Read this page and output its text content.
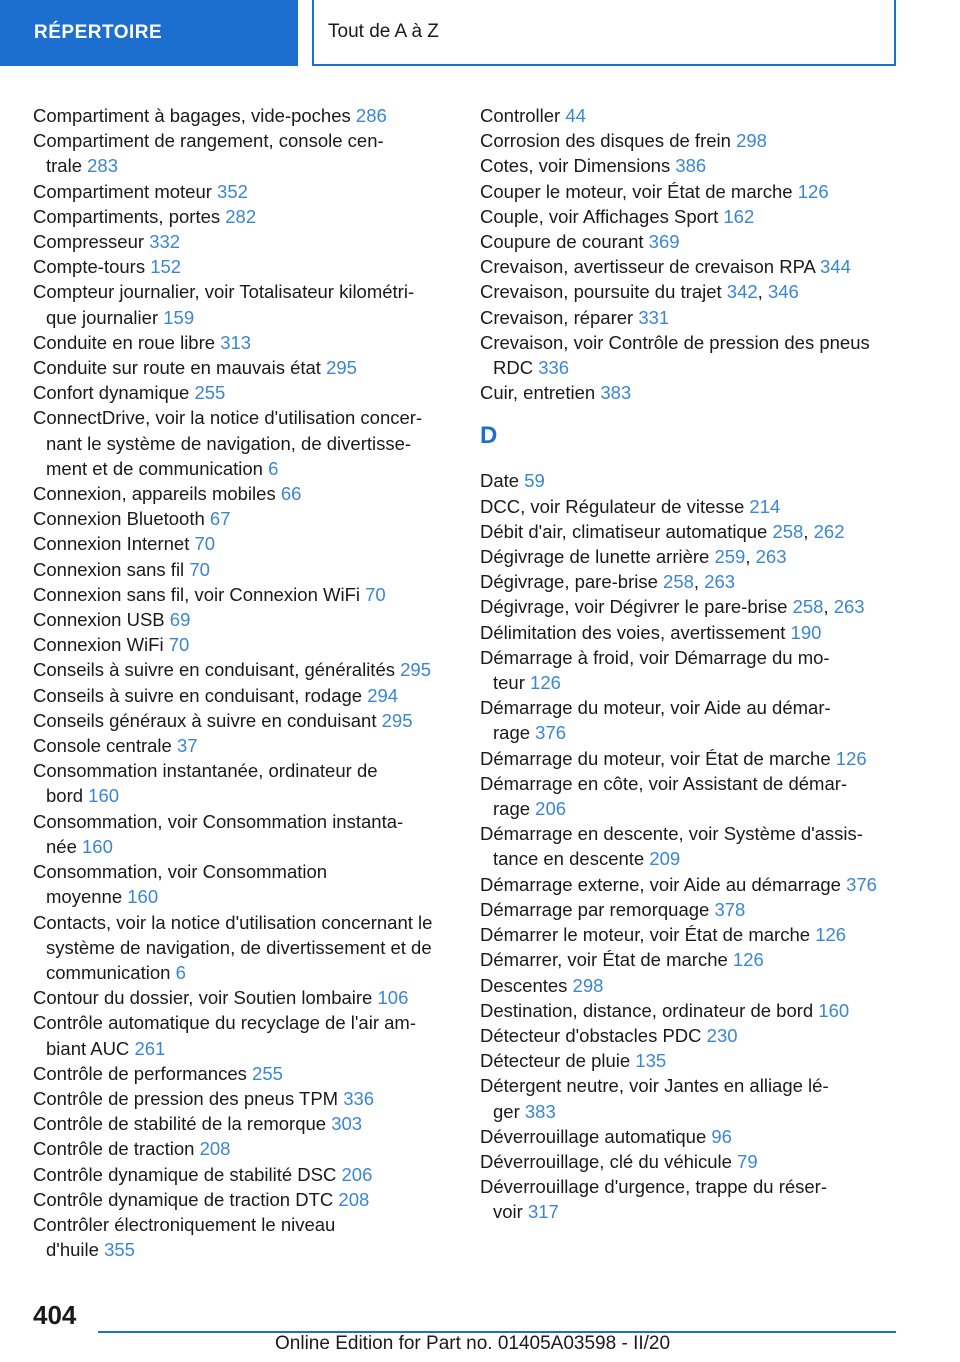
RÉPERTOIRE	Tout de A à Z

Compartiment à bagages, vide-poches 286

Compartiment de rangement, console cen-
trale 283

Compartiment moteur 352

Compartiments, portes 282

Compresseur 332

Compte-tours 152

Compteur journalier, voir Totalisateur kilométri-
que journalier 159

Conduite en roue libre 313

Conduite sur route en mauvais état 295

Confort dynamique 255

ConnectDrive, voir la notice d'utilisation concer-
nant le système de navigation, de divertisse-
ment et de communication 6

Connexion, appareils mobiles 66

Connexion Bluetooth 67

Connexion Internet 70

Connexion sans fil 70

Connexion sans fil, voir Connexion WiFi 70

Connexion USB 69

Connexion WiFi 70

Conseils à suivre en conduisant, généralités 295

Conseils à suivre en conduisant, rodage 294

Conseils généraux à suivre en conduisant 295

Console centrale 37

Consommation instantanée, ordinateur de
bord 160

Consommation, voir Consommation instanta-
née 160

Consommation, voir Consommation
moyenne 160

Contacts, voir la notice d'utilisation concernant le
système de navigation, de divertissement et de
communication 6

Contour du dossier, voir Soutien lombaire 106

Contrôle automatique du recyclage de l'air am-
biant AUC 261

Contrôle de performances 255

Contrôle de pression des pneus TPM 336

Contrôle de stabilité de la remorque 303

Contrôle de traction 208

Contrôle dynamique de stabilité DSC 206

Contrôle dynamique de traction DTC 208

Contrôler électroniquement le niveau
d'huile 355

Controller 44

Corrosion des disques de frein 298

Cotes, voir Dimensions 386

Couper le moteur, voir État de marche 126

Couple, voir Affichages Sport 162

Coupure de courant 369

Crevaison, avertisseur de crevaison RPA 344

Crevaison, poursuite du trajet 342, 346

Crevaison, réparer 331

Crevaison, voir Contrôle de pression des pneus
RDC 336

Cuir, entretien 383

D

Date 59

DCC, voir Régulateur de vitesse 214

Débit d'air, climatiseur automatique 258, 262

Dégivrage de lunette arrière 259, 263

Dégivrage, pare-brise 258, 263

Dégivrage, voir Dégivrer le pare-brise 258, 263

Délimitation des voies, avertissement 190

Démarrage à froid, voir Démarrage du mo-
teur 126

Démarrage du moteur, voir Aide au démar-
rage 376

Démarrage du moteur, voir État de marche 126

Démarrage en côte, voir Assistant de démar-
rage 206

Démarrage en descente, voir Système d'assis-
tance en descente 209

Démarrage externe, voir Aide au démarrage 376

Démarrage par remorquage 378

Démarrer le moteur, voir État de marche 126

Démarrer, voir État de marche 126

Descentes 298

Destination, distance, ordinateur de bord 160

Détecteur d'obstacles PDC 230

Détecteur de pluie 135

Détergent neutre, voir Jantes en alliage lé-
ger 383

Déverrouillage automatique 96

Déverrouillage, clé du véhicule 79

Déverrouillage d'urgence, trappe du réser-
voir 317

404
Online Edition for Part no. 01405A03598 - II/20
